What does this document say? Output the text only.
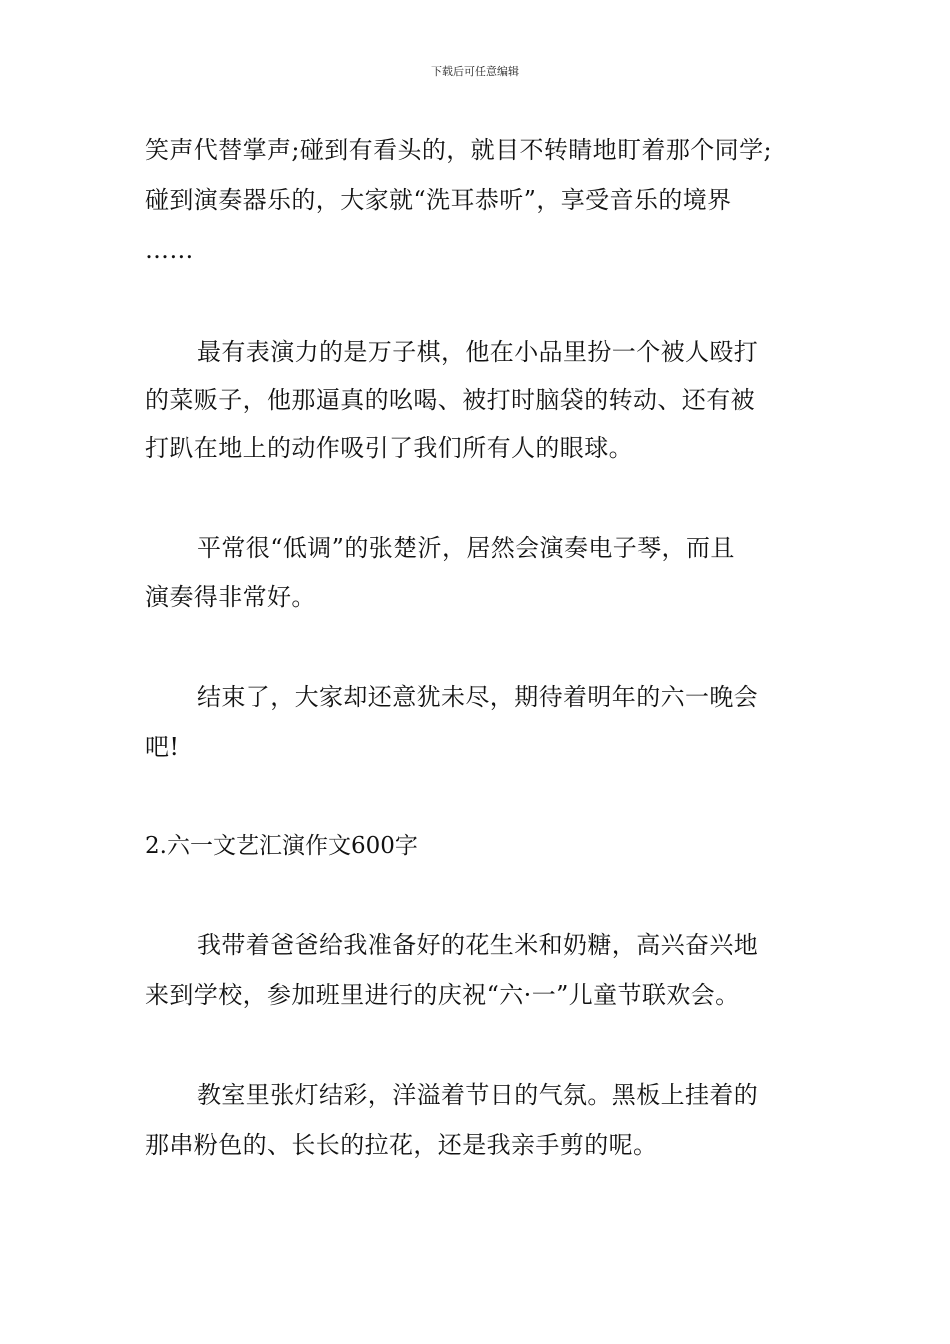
下载后可任意编辑
笑声代替掌声;碰到有看头的，就目不转睛地盯着那个同学;
碰到演奏器乐的，大家就“洗耳恭听”，享受音乐的境界
……
最有表演力的是万子棋，他在小品里扮一个被人殴打
的菜贩子，他那逼真的吆喝、被打时脑袋的转动、还有被
打趴在地上的动作吸引了我们所有人的眼球。
平常很“低调”的张楚沂，居然会演奏电子琴，而且
演奏得非常好。
结束了，大家却还意犹未尽，期待着明年的六一晚会
吧!
2.六一文艺汇演作文600字
我带着爸爸给我准备好的花生米和奶糖，高兴奋兴地
来到学校，参加班里进行的庆祝“六·一”儿童节联欢会。
教室里张灯结彩，洋溢着节日的气氛。黑板上挂着的
那串粉色的、长长的拉花，还是我亲手剪的呢。
